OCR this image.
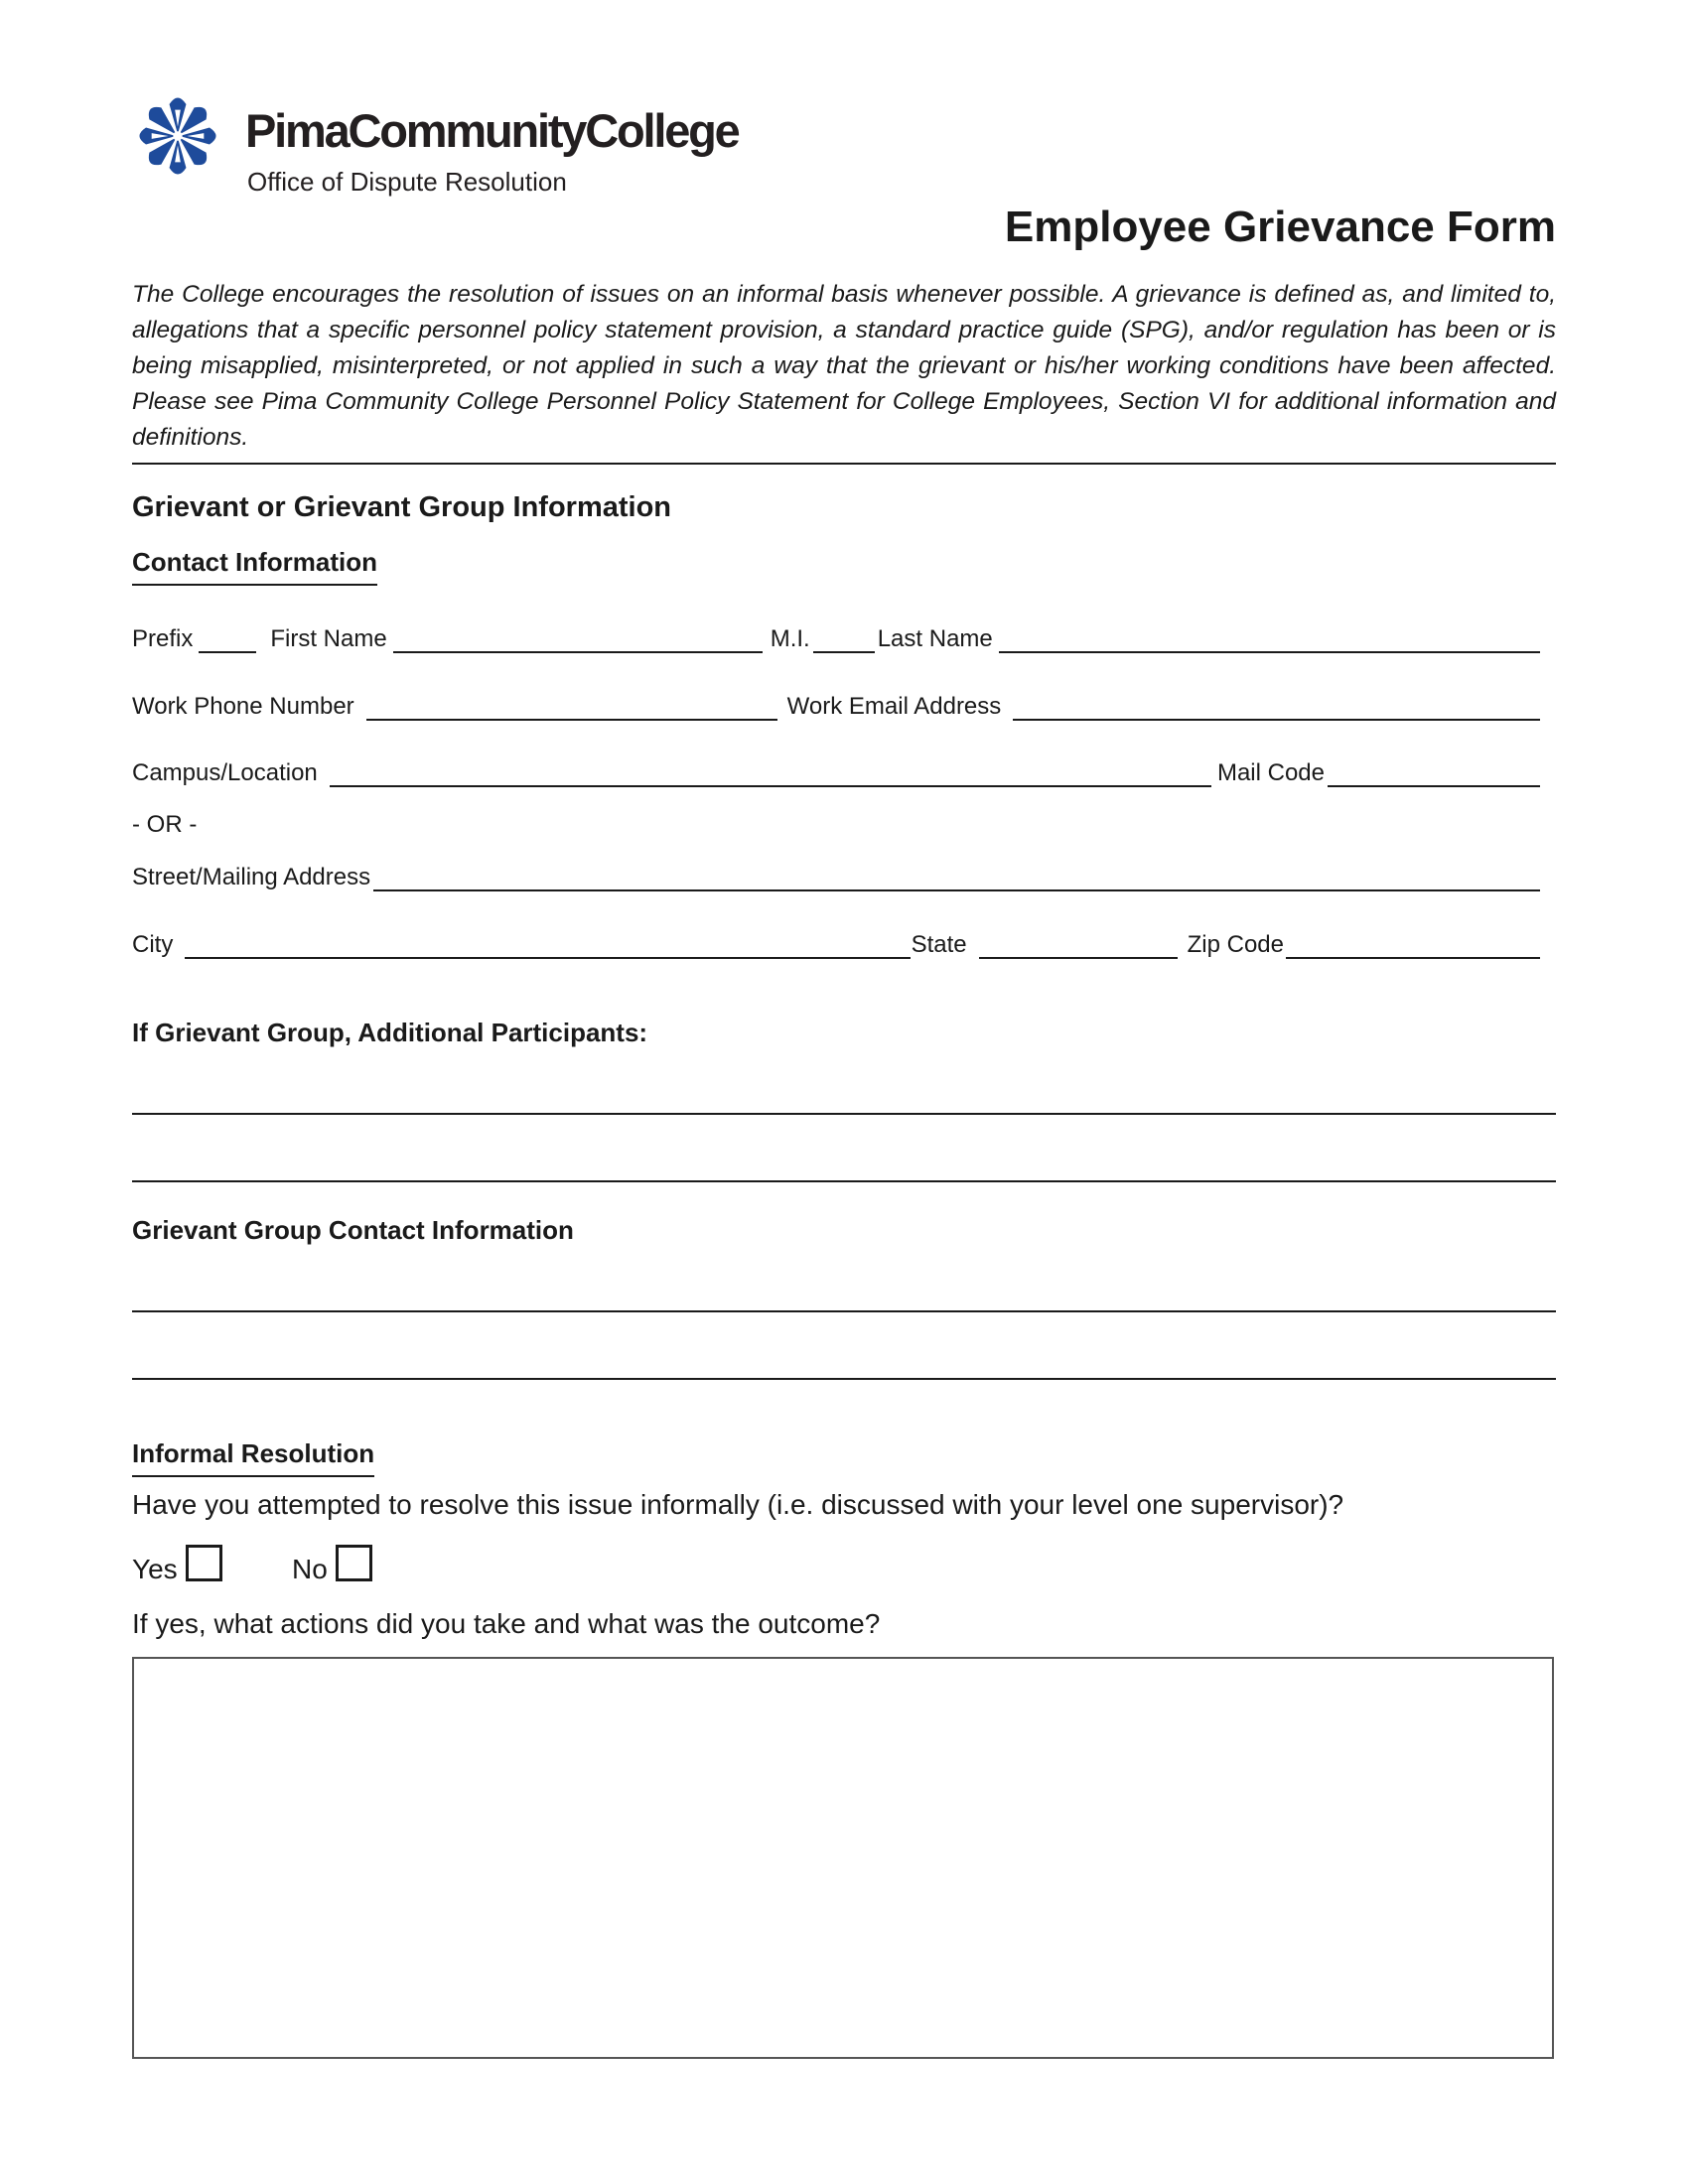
PimaCommunityCollege
Office of Dispute Resolution
Employee Grievance Form

The College encourages the resolution of issues on an informal basis whenever possible. A grievance is defined as, and limited to, allegations that a specific personnel policy statement provision, a standard practice guide (SPG), and/or regulation has been or is being misapplied, misinterpreted, or not applied in such a way that the grievant or his/her working conditions have been affected. Please see Pima Community College Personnel Policy Statement for College Employees, Section VI for additional information and definitions.

Grievant or Grievant Group Information
Contact Information
Prefix	First Name	M.I.	Last Name
Work Phone Number	Work Email Address
Campus/Location	Mail Code
- OR -
Street/Mailing Address
City	State	Zip Code
If Grievant Group, Additional Participants:
Grievant Group Contact Information
Informal Resolution
Have you attempted to resolve this issue informally (i.e. discussed with your level one supervisor)?
Yes	No
If yes, what actions did you take and what was the outcome?
